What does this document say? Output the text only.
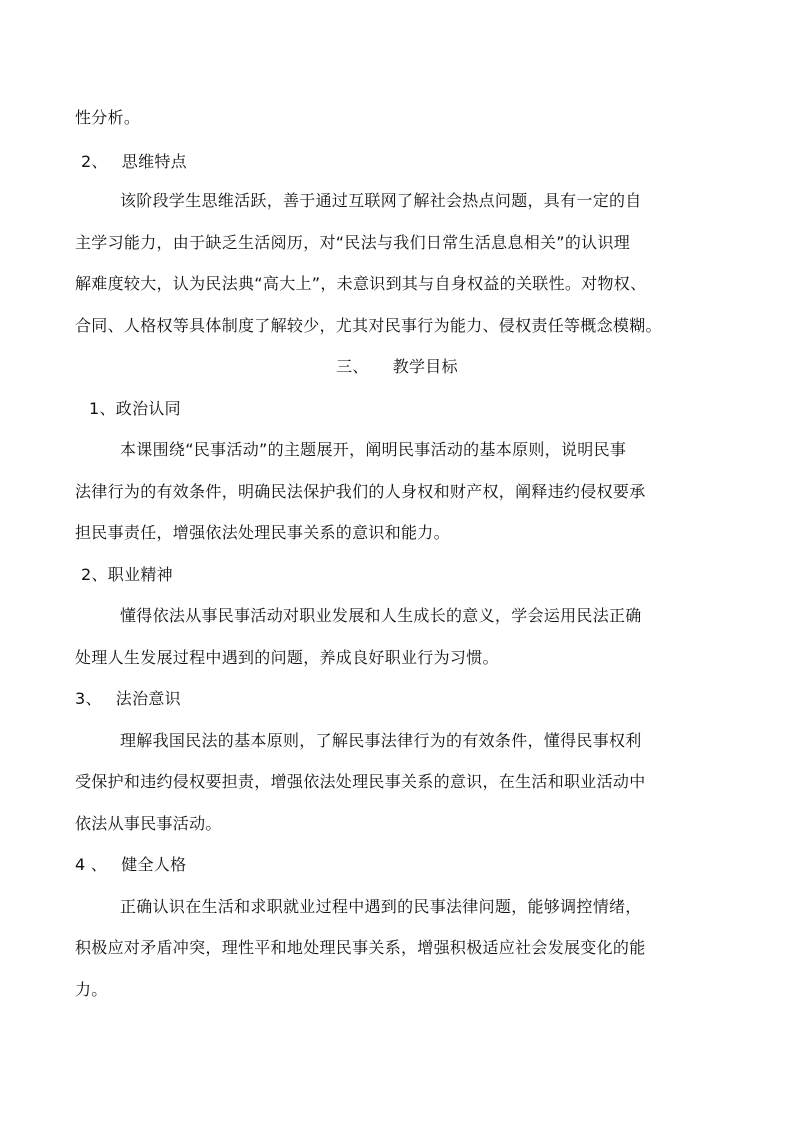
性分析。
2、 思维特点
该阶段学生思维活跃，善于通过互联网了解社会热点问题，具有一定的自
主学习能力，由于缺乏生活阅历，对“民法与我们日常生活息息相关”的认识理
解难度较大，认为民法典“高大上”，未意识到其与自身权益的关联性。对物权、
合同、人格权等具体制度了解较少，尤其对民事行为能力、侵权责任等概念模糊。
三、 教学目标
1、政治认同
本课围绕“民事活动”的主题展开，阐明民事活动的基本原则，说明民事
法律行为的有效条件，明确民法保护我们的人身权和财产权，阐释违约侵权要承
担民事责任，增强依法处理民事关系的意识和能力。
2、职业精神
懂得依法从事民事活动对职业发展和人生成长的意义，学会运用民法正确
处理人生发展过程中遇到的问题，养成良好职业行为习惯。
3、 法治意识
理解我国民法的基本原则，了解民事法律行为的有效条件，懂得民事权利
受保护和违约侵权要担责，增强依法处理民事关系的意识，在生活和职业活动中
依法从事民事活动。
4 、 健全人格
正确认识在生活和求职就业过程中遇到的民事法律问题，能够调控情绪，
积极应对矛盾冲突，理性平和地处理民事关系，增强积极适应社会发展变化的能
力。
